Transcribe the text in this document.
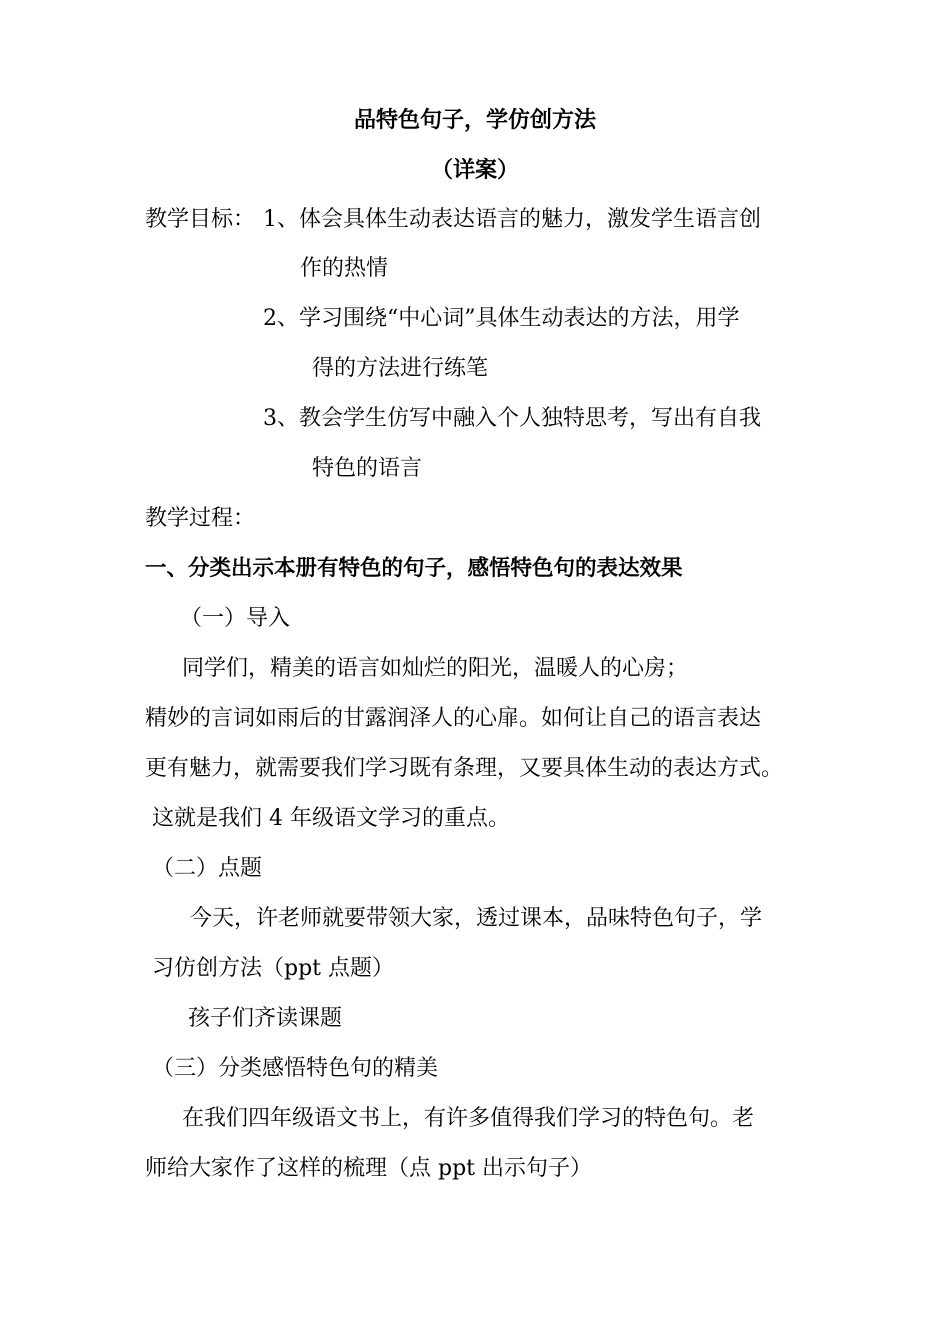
品特色句子，学仿创方法
（详案）
教学目标： 1、体会具体生动表达语言的魅力，激发学生语言创
作的热情
2、学习围绕“中心词”具体生动表达的方法，用学
得的方法进行练笔
3、教会学生仿写中融入个人独特思考，写出有自我
特色的语言
教学过程：
一、分类出示本册有特色的句子，感悟特色句的表达效果
（一）导入
同学们，精美的语言如灿烂的阳光，温暖人的心房；
精妙的言词如雨后的甘露润泽人的心扉。如何让自己的语言表达
更有魅力，就需要我们学习既有条理，又要具体生动的表达方式。
这就是我们 4 年级语文学习的重点。
（二）点题
今天，许老师就要带领大家，透过课本，品味特色句子，学
习仿创方法（ppt 点题）
孩子们齐读课题
（三）分类感悟特色句的精美
在我们四年级语文书上，有许多值得我们学习的特色句。老
师给大家作了这样的梳理（点 ppt 出示句子）
